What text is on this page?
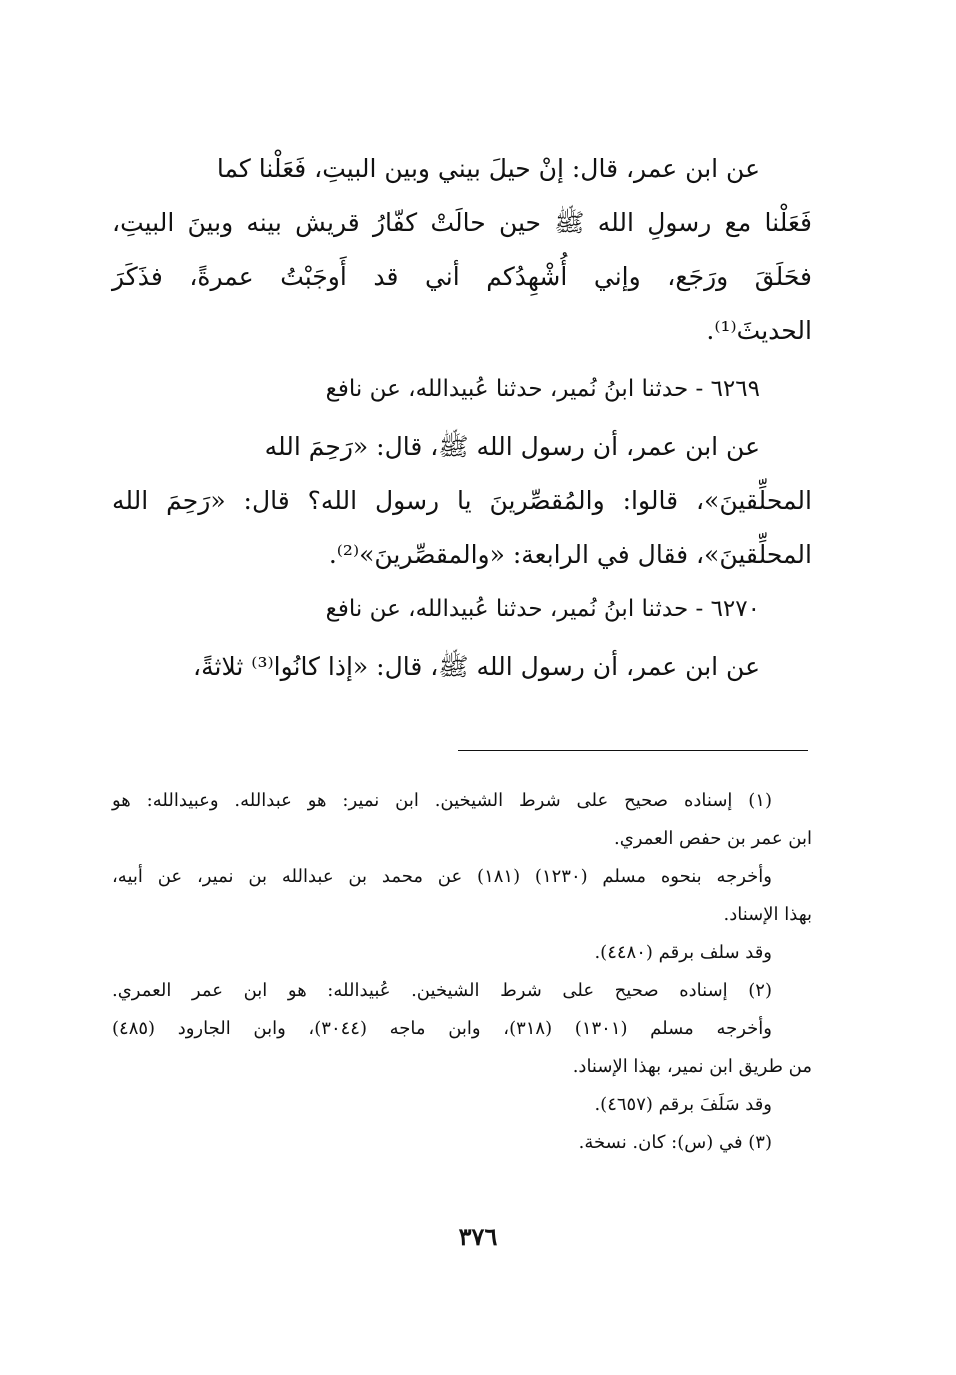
عن ابن عمر، قال: إنْ حيلَ بيني وبين البيتِ، فَعَلْنا كما
فَعَلْنا مع رسولِ الله ﷺ حين حالَتْ كفّارُ قريش بينه وبينَ البيتِ،
فحَلَقَ ورَجَع، وإني أُشْهِدُكم أني قد أَوجَبْتُ عمرةً، فذَكَرَ
الحديثَ⁽¹⁾.
٦٢٦٩ - حدثنا ابنُ نُمير، حدثنا عُبيدالله، عن نافع
عن ابن عمر، أن رسول الله ﷺ، قال: «رَحِمَ الله
المحلِّقينَ»، قالوا: والمُقصِّرينَ يا رسول الله؟ قال: «رَحِمَ الله
المحلِّقينَ»، فقال في الرابعة: «والمقصِّرينَ»⁽²⁾.
٦٢٧٠ - حدثنا ابنُ نُمير، حدثنا عُبيدالله، عن نافع
عن ابن عمر، أن رسول الله ﷺ، قال: «إذا كانُوا⁽³⁾ ثلاثةً،
(١) إسناده صحيح على شرط الشيخين. ابن نمير: هو عبدالله. وعبيدالله: هو
ابن عمر بن حفص العمري.
وأخرجه بنحوه مسلم (١٢٣٠) (١٨١) عن محمد بن عبدالله بن نمير، عن أبيه،
بهذا الإسناد.
وقد سلف برقم (٤٤٨٠).
(٢) إسناده صحيح على شرط الشيخين. عُبيدالله: هو ابن عمر العمري.
وأخرجه مسلم (١٣٠١) (٣١٨)، وابن ماجه (٣٠٤٤)، وابن الجارود (٤٨٥)
من طريق ابن نمير، بهذا الإسناد.
وقد سَلَفَ برقم (٤٦٥٧).
(٣) في (س): كان. نسخة.
٣٧٦
